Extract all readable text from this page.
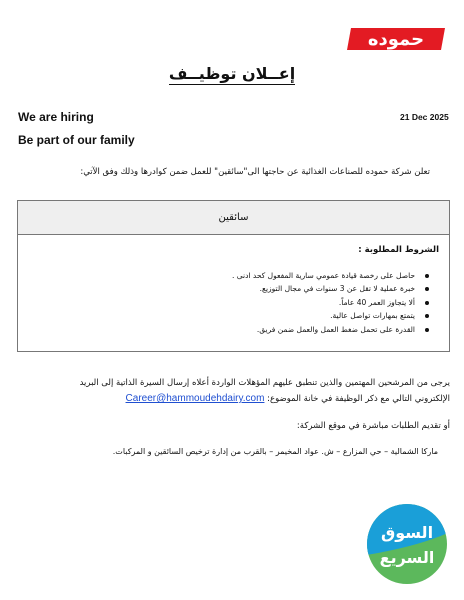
حموده
إعــلان توظيــف
We are hiring	21 Dec 2025
Be part of our family
تعلن شركة حموده للصناعات الغذائية عن حاجتها الى"سائقين" للعمل ضمن كوادرها وذلك وفق الآتي:
سائقين
الشروط المطلوبة :
حاصل على رخصة قيادة عمومي سارية المفعول كحد ادنى .
خبرة عملية لا تقل عن 3 سنوات في مجال التوزيع.
ألا يتجاوز العمر 40 عاماً.
يتمتع بمهارات تواصل عالية.
القدرة على تحمل ضغط العمل والعمل ضمن فريق.
يرجى من المرشحين المهتمين والذين تنطبق عليهم المؤهلات الواردة أعلاه إرسال السيرة الذاتية إلى البريد
الإلكتروني التالي مع ذكر الوظيفة في خانة الموضوع: Career@hammoudehdairy.com
أو تقديم الطلبات مباشرة في موقع الشركة:
ماركا الشمالية – حي المزارع – ش. عواد المخيمر – بالقرب من إدارة ترخيص السائقين و المركبات.
السوق
السريع
